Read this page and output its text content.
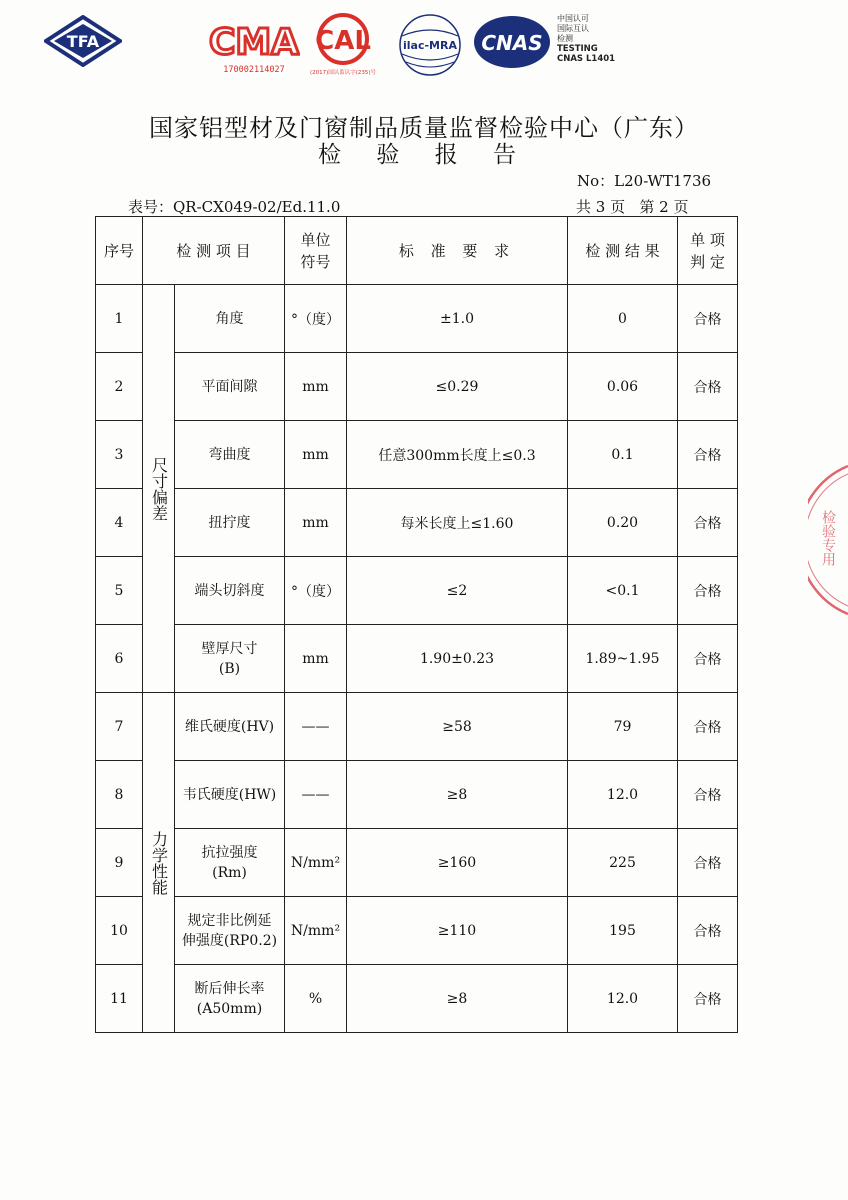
TFA	CMA
170002114027
CAL
(2017)国认监认字(235)号
ilac-MRA CNAS
中国认可
国际互认
检测
TESTING
CNAS L1401
国家铝型材及门窗制品质量监督检验中心（广东）
检 验 报 告
No：L20-WT1736
表号：QR-CX049-02/Ed.11.0	共 3 页   第 2 页
序号	检 测 项 目		单位符号	标 准 要 求	检 测 结 果	单 项 判 定
1	尺寸偏差	角度	°（度）	±1.0	0	合格
2		平面间隙	mm	≤0.29	0.06	合格
3		弯曲度	mm	任意300mm长度上≤0.3	0.1	合格
4		扭拧度	mm	每米长度上≤1.60	0.20	合格
5		端头切斜度	°（度）	≤2	<0.1	合格
6		壁厚尺寸
(B)	mm	1.90±0.23	1.89~1.95	合格
7	力学性能	维氏硬度(HV)	——	≥58	79	合格
8		韦氏硬度(HW)	——	≥8	12.0	合格
9		抗拉强度
(Rm)	N/mm²	≥160	225	合格
10		规定非比例延
伸强度(RP0.2)	N/mm²	≥110	195	合格
11		断后伸长率
(A50mm)	%	≥8	12.0	合格
检验专用
